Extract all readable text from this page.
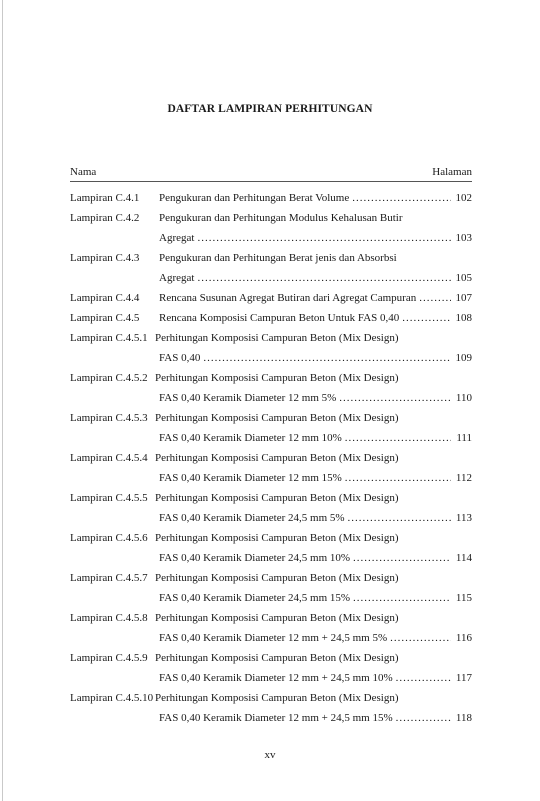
DAFTAR LAMPIRAN PERHITUNGAN
Nama	Halaman
Lampiran C.4.1 Pengukuran dan Perhitungan Berat Volume .....	102
Lampiran C.4.2 Pengukuran dan Perhitungan Modulus Kehalusan Butir
Agregat .....	103
Lampiran C.4.3 Pengukuran dan Perhitungan Berat jenis dan Absorbsi
Agregat .....	105
Lampiran C.4.4 Rencana Susunan Agregat Butiran dari Agregat Campuran .....	107
Lampiran C.4.5 Rencana Komposisi Campuran Beton Untuk FAS 0,40 .....	108
Lampiran C.4.5.1 Perhitungan Komposisi Campuran Beton (Mix Design)
FAS 0,40 .....	109
Lampiran C.4.5.2 Perhitungan Komposisi Campuran Beton (Mix Design)
FAS 0,40 Keramik Diameter 12 mm 5% .....	110
Lampiran C.4.5.3 Perhitungan Komposisi Campuran Beton (Mix Design)
FAS 0,40 Keramik Diameter 12 mm 10% .....	111
Lampiran C.4.5.4 Perhitungan Komposisi Campuran Beton (Mix Design)
FAS 0,40 Keramik Diameter 12 mm 15% .....	112
Lampiran C.4.5.5 Perhitungan Komposisi Campuran Beton (Mix Design)
FAS 0,40 Keramik Diameter 24,5 mm 5% .....	113
Lampiran C.4.5.6 Perhitungan Komposisi Campuran Beton (Mix Design)
FAS 0,40 Keramik Diameter 24,5 mm 10% .....	114
Lampiran C.4.5.7 Perhitungan Komposisi Campuran Beton (Mix Design)
FAS 0,40 Keramik Diameter 24,5 mm 15% .....	115
Lampiran C.4.5.8 Perhitungan Komposisi Campuran Beton (Mix Design)
FAS 0,40 Keramik Diameter 12 mm + 24,5 mm 5% .....	116
Lampiran C.4.5.9 Perhitungan Komposisi Campuran Beton (Mix Design)
FAS 0,40 Keramik Diameter 12 mm + 24,5 mm 10% .....	117
Lampiran C.4.5.10 Perhitungan Komposisi Campuran Beton (Mix Design)
FAS 0,40 Keramik Diameter 12 mm + 24,5 mm 15% .....	118
xv
